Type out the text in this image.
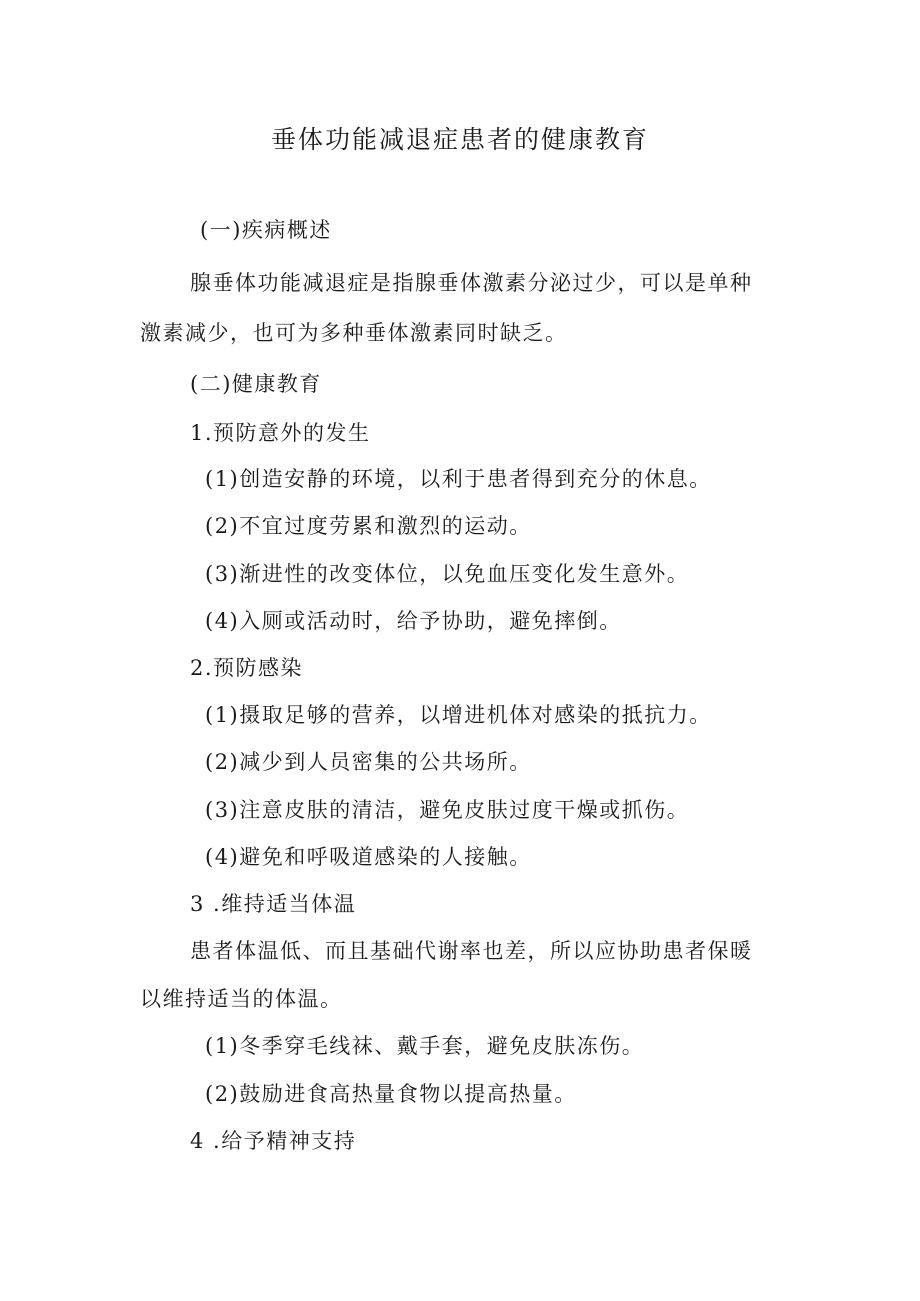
垂体功能减退症患者的健康教育

(一)疾病概述

腺垂体功能减退症是指腺垂体激素分泌过少，可以是单种

激素减少，也可为多种垂体激素同时缺乏。

(二)健康教育

1.预防意外的发生

(1)创造安静的环境，以利于患者得到充分的休息。

(2)不宜过度劳累和激烈的运动。

(3)渐进性的改变体位，以免血压变化发生意外。

(4)入厕或活动时，给予协助，避免摔倒。

2.预防感染

(1)摄取足够的营养，以增进机体对感染的抵抗力。

(2)减少到人员密集的公共场所。

(3)注意皮肤的清洁，避免皮肤过度干燥或抓伤。

(4)避免和呼吸道感染的人接触。

3 .维持适当体温

患者体温低、而且基础代谢率也差，所以应协助患者保暖

以维持适当的体温。

(1)冬季穿毛线袜、戴手套，避免皮肤冻伤。

(2)鼓励进食高热量食物以提高热量。

4 .给予精神支持
